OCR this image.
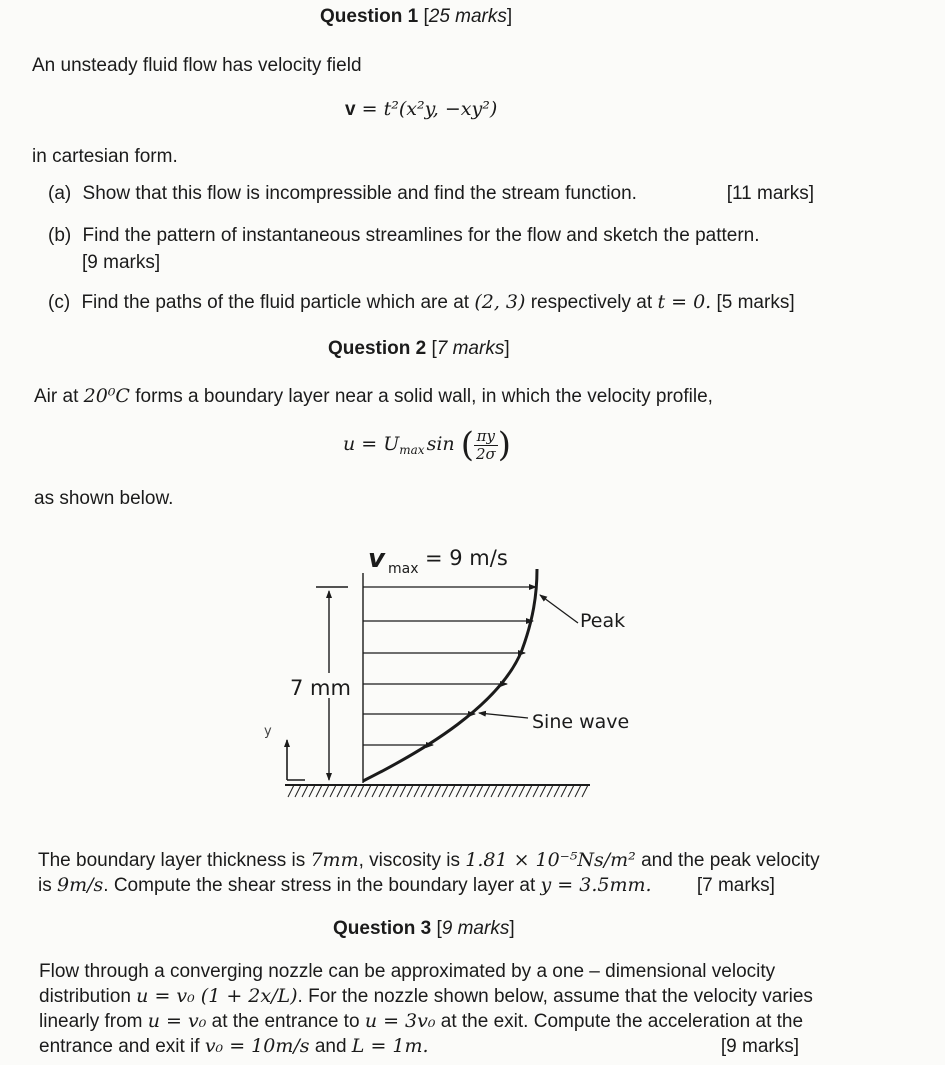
Question 1 [25 marks]
An unsteady fluid flow has velocity field
v = t²(x²y, −xy²)
in cartesian form.
(a) Show that this flow is incompressible and find the stream function.	[11 marks]
(b) Find the pattern of instantaneous streamlines for the flow and sketch the pattern.
[9 marks]
(c) Find the paths of the fluid particle which are at (2, 3) respectively at t = 0. [5 marks]
Question 2 [7 marks]
Air at 20⁰C forms a boundary layer near a solid wall, in which the velocity profile,
$u = U_{max}$ sin ( $\frac{\pi y}{2\sigma}$ )
as shown below.
v max = 9 m/s
7 mm
Peak
Sine wave
y
The boundary layer thickness is 7mm, viscosity is 1.81 × 10⁻⁵Ns/m² and the peak velocity
is 9m/s. Compute the shear stress in the boundary layer at y = 3.5mm. [7 marks]
Question 3 [9 marks]
Flow through a converging nozzle can be approximated by a one – dimensional velocity
distribution u = v₀ (1 + 2x/L). For the nozzle shown below, assume that the velocity varies
linearly from u = v₀ at the entrance to u = 3v₀ at the exit. Compute the acceleration at the
entrance and exit if v₀ = 10m/s and L = 1m.	[9 marks]
